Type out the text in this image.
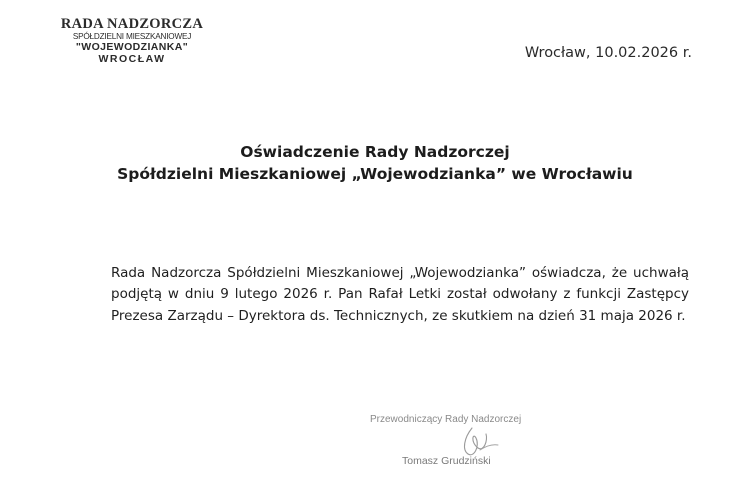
RADA NADZORCZA
SPÓŁDZIELNI MIESZKANIOWEJ
"WOJEWODZIANKA"
WROCŁAW	Wrocław, 10.02.2026 r.
Oświadczenie Rady Nadzorczej
Spółdzielni Mieszkaniowej „Wojewodzianka” we Wrocławiu

Rada Nadzorcza Spółdzielni Mieszkaniowej „Wojewodzianka” oświadcza, że uchwałą podjętą w dniu 9 lutego 2026 r. Pan Rafał Letki został odwołany z funkcji Zastępcy Prezesa Zarządu – Dyrektora ds. Technicznych, ze skutkiem na dzień 31 maja 2026 r.

Przewodniczący Rady Nadzorczej
Tomasz Grudziński
